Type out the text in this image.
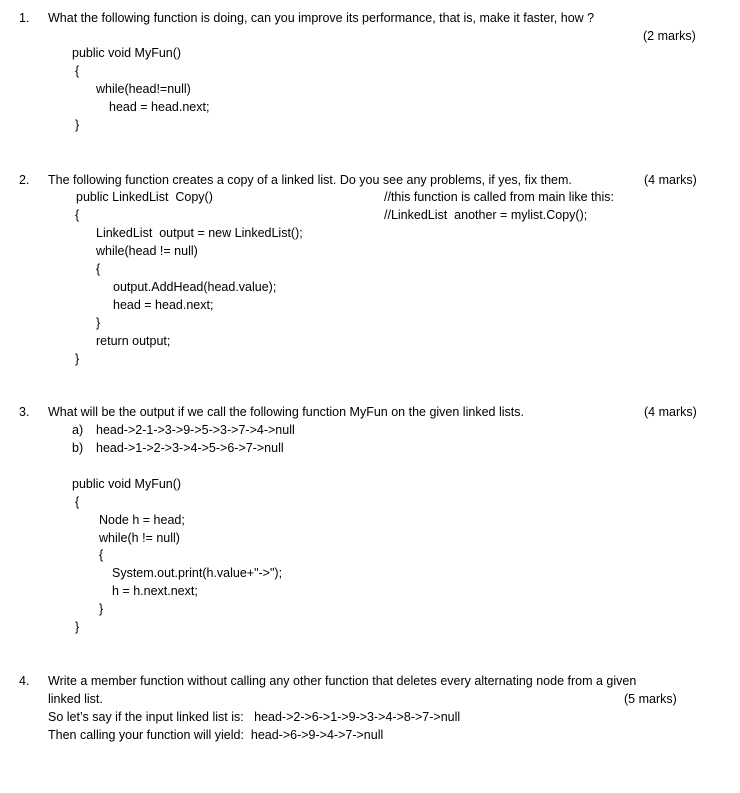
1. What the following function is doing, can you improve its performance, that is, make it faster, how ?
(2 marks)
public void MyFun()
{
while(head!=null)
head = head.next;
}
2. The following function creates a copy of a linked list. Do you see any problems, if yes, fix them.	(4 marks)
public LinkedList  Copy()	//this function is called from main like this:
{	//LinkedList  another = mylist.Copy();
LinkedList  output = new LinkedList();
while(head != null)
{
output.AddHead(head.value);
head = head.next;
}
return output;
}
3. What will be the output if we call the following function MyFun on the given linked lists.	(4 marks)
a) head->2-1->3->9->5->3->7->4->null
b) head->1->2->3->4->5->6->7->null
public void MyFun()
{
Node h = head;
while(h != null)
{
System.out.print(h.value+"->");
h = h.next.next;
}
}
4. Write a member function without calling any other function that deletes every alternating node from a given
linked list.	(5 marks)
So let’s say if the input linked list is:   head->2->6->1->9->3->4->8->7->null
Then calling your function will yield:  head->6->9->4->7->null
